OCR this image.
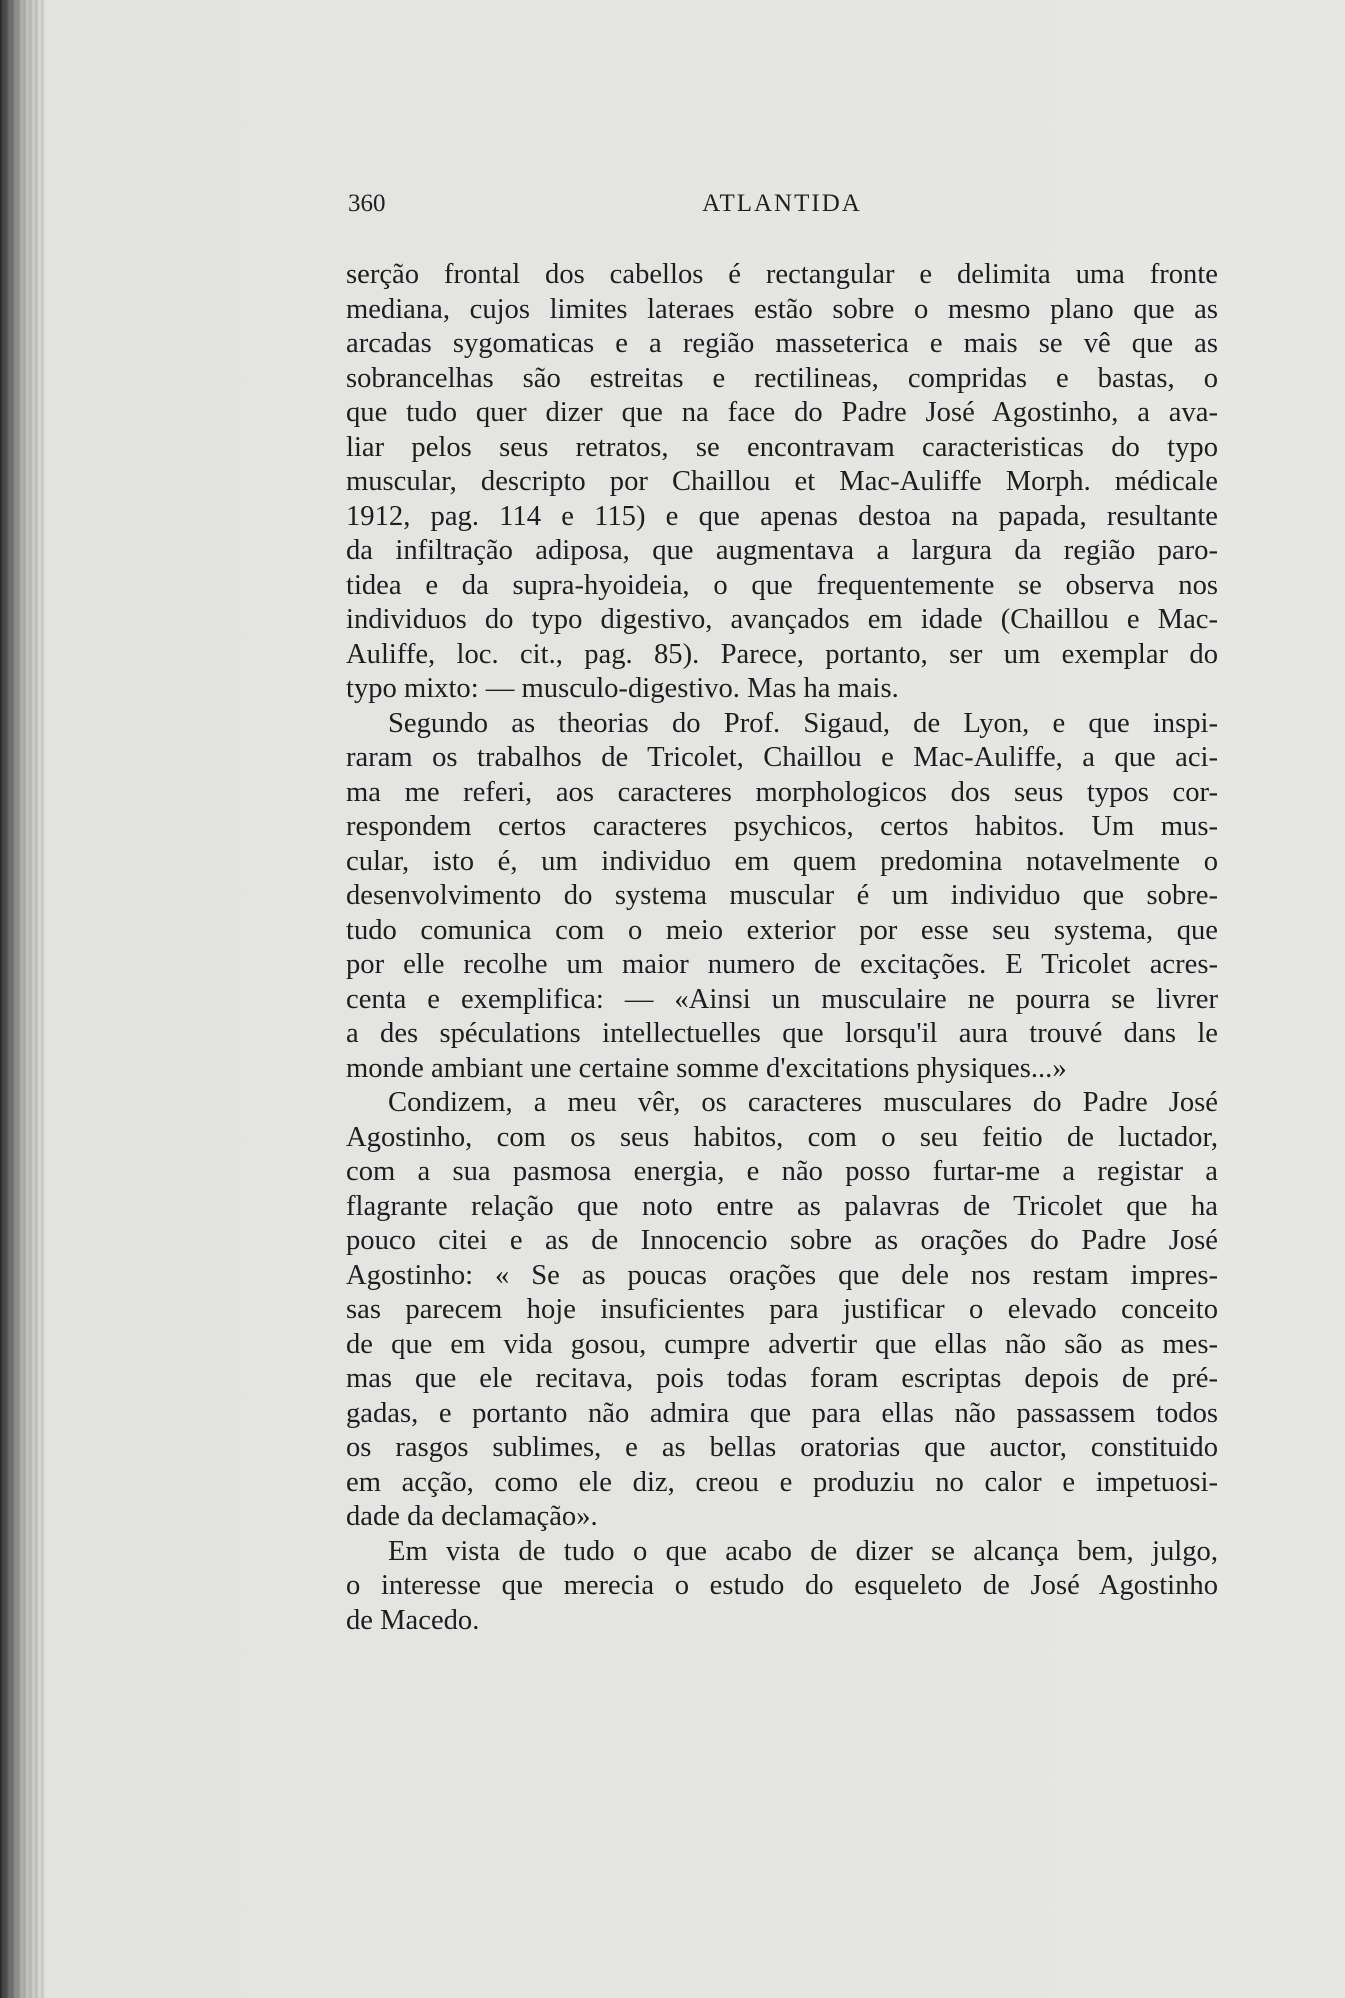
360	ATLANTIDA
serção frontal dos cabellos é rectangular e delimita uma fronte
mediana, cujos limites lateraes estão sobre o mesmo plano que as
arcadas sygomaticas e a região masseterica e mais se vê que as
sobrancelhas são estreitas e rectilineas, compridas e bastas, o
que tudo quer dizer que na face do Padre José Agostinho, a ava-
liar pelos seus retratos, se encontravam caracteristicas do typo
muscular, descripto por Chaillou et Mac-Auliffe Morph. médicale
1912, pag. 114 e 115) e que apenas destoa na papada, resultante
da infiltração adiposa, que augmentava a largura da região paro-
tidea e da supra-hyoideia, o que frequentemente se observa nos
individuos do typo digestivo, avançados em idade (Chaillou e Mac-
Auliffe, loc. cit., pag. 85). Parece, portanto, ser um exemplar do
typo mixto: — musculo-digestivo. Mas ha mais.
Segundo as theorias do Prof. Sigaud, de Lyon, e que inspi-
raram os trabalhos de Tricolet, Chaillou e Mac-Auliffe, a que aci-
ma me referi, aos caracteres morphologicos dos seus typos cor-
respondem certos caracteres psychicos, certos habitos. Um mus-
cular, isto é, um individuo em quem predomina notavelmente o
desenvolvimento do systema muscular é um individuo que sobre-
tudo comunica com o meio exterior por esse seu systema, que
por elle recolhe um maior numero de excitações. E Tricolet acres-
centa e exemplifica: — «Ainsi un musculaire ne pourra se livrer
a des spéculations intellectuelles que lorsqu'il aura trouvé dans le
monde ambiant une certaine somme d'excitations physiques...»
Condizem, a meu vêr, os caracteres musculares do Padre José
Agostinho, com os seus habitos, com o seu feitio de luctador,
com a sua pasmosa energia, e não posso furtar-me a registar a
flagrante relação que noto entre as palavras de Tricolet que ha
pouco citei e as de Innocencio sobre as orações do Padre José
Agostinho: « Se as poucas orações que dele nos restam impres-
sas parecem hoje insuficientes para justificar o elevado conceito
de que em vida gosou, cumpre advertir que ellas não são as mes-
mas que ele recitava, pois todas foram escriptas depois de pré-
gadas, e portanto não admira que para ellas não passassem todos
os rasgos sublimes, e as bellas oratorias que auctor, constituido
em acção, como ele diz, creou e produziu no calor e impetuosi-
dade da declamação».
Em vista de tudo o que acabo de dizer se alcança bem, julgo,
o interesse que merecia o estudo do esqueleto de José Agostinho
de Macedo.
